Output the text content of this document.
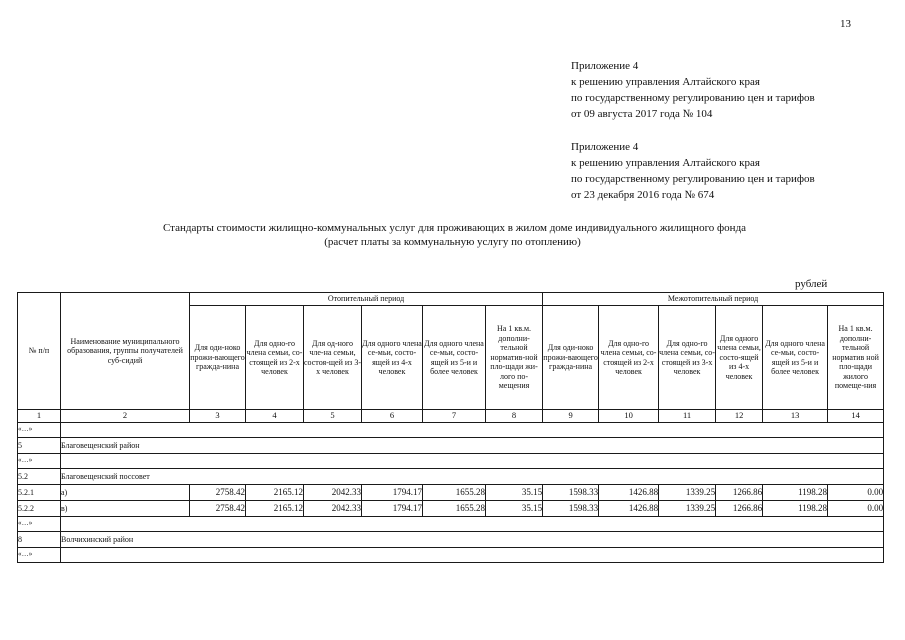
13
Приложение 4
к решению управления Алтайского края
по государственному регулированию цен и тарифов
от 09 августа 2017 года № 104
Приложение 4
к решению управления Алтайского края
по государственному регулированию цен и тарифов
от 23 декабря 2016 года № 674
Стандарты стоимости жилищно-коммунальных услуг для проживающих в жилом доме индивидуального жилищного фонда
(расчет платы за коммунальную услугу по отоплению)
рублей
№ п/п	Наименование муниципального образования, группы получателей суб-сидий	Отопительный период						Межотопительный период					
		Для оди-ноко прожи-вающего гражда-нина	Для одно-го члена семьи, со-стоящей из 2-х человек	Для од-ного чле-на семьи, состоя-щей из 3-х человек	Для одного члена се-мьи, состо-ящей из 4-х человек	Для одного члена се-мьи, состо-ящей из 5-и и более человек	На 1 кв.м. дополни-тельной норматив-ной пло-щади жи-лого по-мещения	Для оди-ноко прожи-вающего гражда-нина	Для одно-го члена семьи, со-стоящей из 2-х человек	Для одно-го члена семьи, со-стоящей из 3-х человек	Для одного члена семьи, состо-ящей из 4-х человек	Для одного члена се-мьи, состо-ящей из 5-и и более человек	На 1 кв.м. дополни-тельной норматив ной пло-щади жилого помеще-ния
1	2	3	4	5	6	7	8	9	10	11	12	13	14
«...»													
5	Благовещенский район												
«...»													
5.2	Благовещенский поссовет												
5.2.1	а)	2758.42	2165.12	2042.33	1794.17	1655.28	35.15	1598.33	1426.88	1339.25	1266.86	1198.28	0.00
5.2.2	в)	2758.42	2165.12	2042.33	1794.17	1655.28	35.15	1598.33	1426.88	1339.25	1266.86	1198.28	0.00
«...»													
8	Волчихинский район												
«...»													
